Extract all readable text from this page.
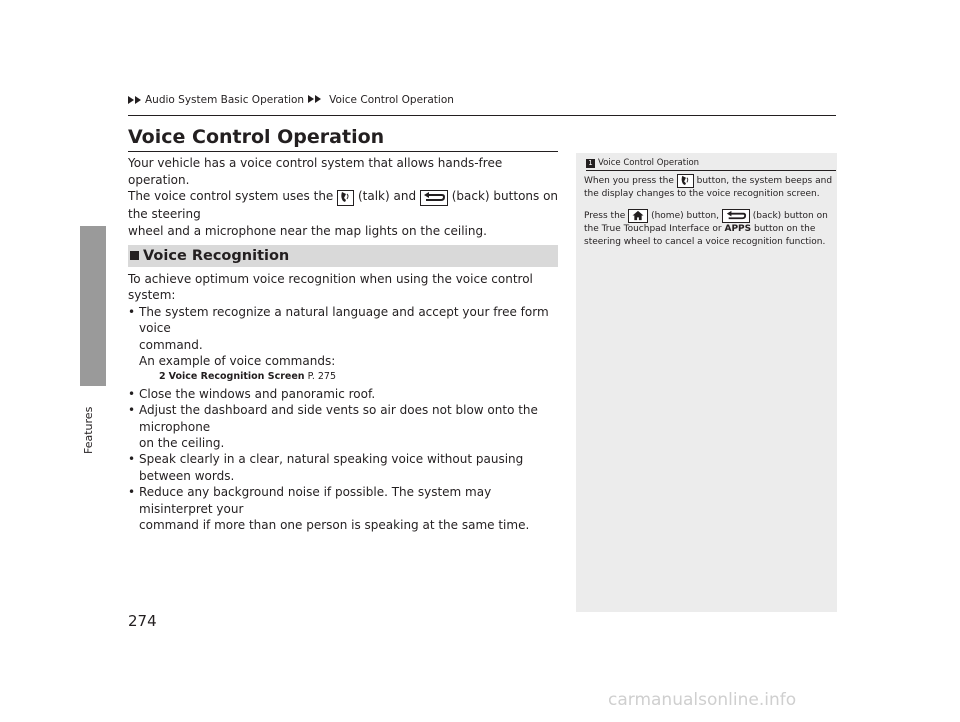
Features
Audio System Basic Operation Voice Control Operation
Voice Control Operation

Your vehicle has a voice control system that allows hands-free operation.

The voice control system uses the (talk) and	(back) buttons on the steering

wheel and a microphone near the map lights on the ceiling.

Voice Recognition

To achieve optimum voice recognition when using the voice control system:

• The system recognize a natural language and accept your free form voice
command.
An example of voice commands:
2 Voice Recognition Screen P. 275
• Close the windows and panoramic roof.
• Adjust the dashboard and side vents so air does not blow onto the microphone
on the ceiling.
• Speak clearly in a clear, natural speaking voice without pausing between words.
• Reduce any background noise if possible. The system may misinterpret your
command if more than one person is speaking at the same time.
1 Voice Control Operation

When you press the	button, the system beeps and
the display changes to the voice recognition screen.

Press the	(home) button,	(back) button on
the True Touchpad Interface or APPS button on the
steering wheel to cancel a voice recognition function.

274
carmanualsonline.info
